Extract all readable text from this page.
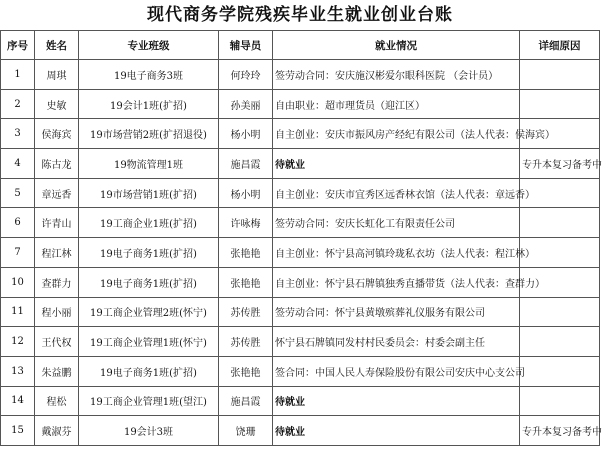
现代商务学院残疾毕业生就业创业台账
序号	姓名	专业班级	辅导员	就业情况	详细原因
1	周琪	19电子商务3班	何玲玲	签劳动合同：安庆施汉彬爱尔眼科医院 （会计员）	
2	史敏	19会计1班(扩招)	孙美丽	自由职业：超市理货员（迎江区）	
3	侯海宾	19市场营销2班(扩招退役)	杨小明	自主创业：安庆市振风房产经纪有限公司（法人代表：侯海宾）	
4	陈古龙	19物流管理1班	施昌霞	待就业	专升本复习备考中
5	章远香	19市场营销1班(扩招)	杨小明	自主创业：安庆市宜秀区远香林衣馆（法人代表：章远香）	
6	许青山	19工商企业1班(扩招)	许咏梅	签劳动合同：安庆长虹化工有限责任公司	
7	程江林	19电子商务1班(扩招)	张艳艳	自主创业：怀宁县高河镇玲珑私衣坊（法人代表：程江林）	
10	查群力	19电子商务1班(扩招)	张艳艳	自主创业：怀宁县石牌镇独秀直播带货（法人代表：查群力）	
11	程小丽	19工商企业管理2班(怀宁)	苏传胜	签劳动合同：怀宁县黄墩殡葬礼仪服务有限公司	
12	王代权	19工商企业管理1班(怀宁)	苏传胜	怀宁县石牌镇同发村村民委员会：村委会副主任	
13	朱益鹏	19电子商务1班(扩招)	张艳艳	签合同：中国人民人寿保险股份有限公司安庆中心支公司	
14	程松	19工商企业管理1班(望江)	施昌霞	待就业	
15	戴淑芬	19会计3班	饶珊	待就业	专升本复习备考中
